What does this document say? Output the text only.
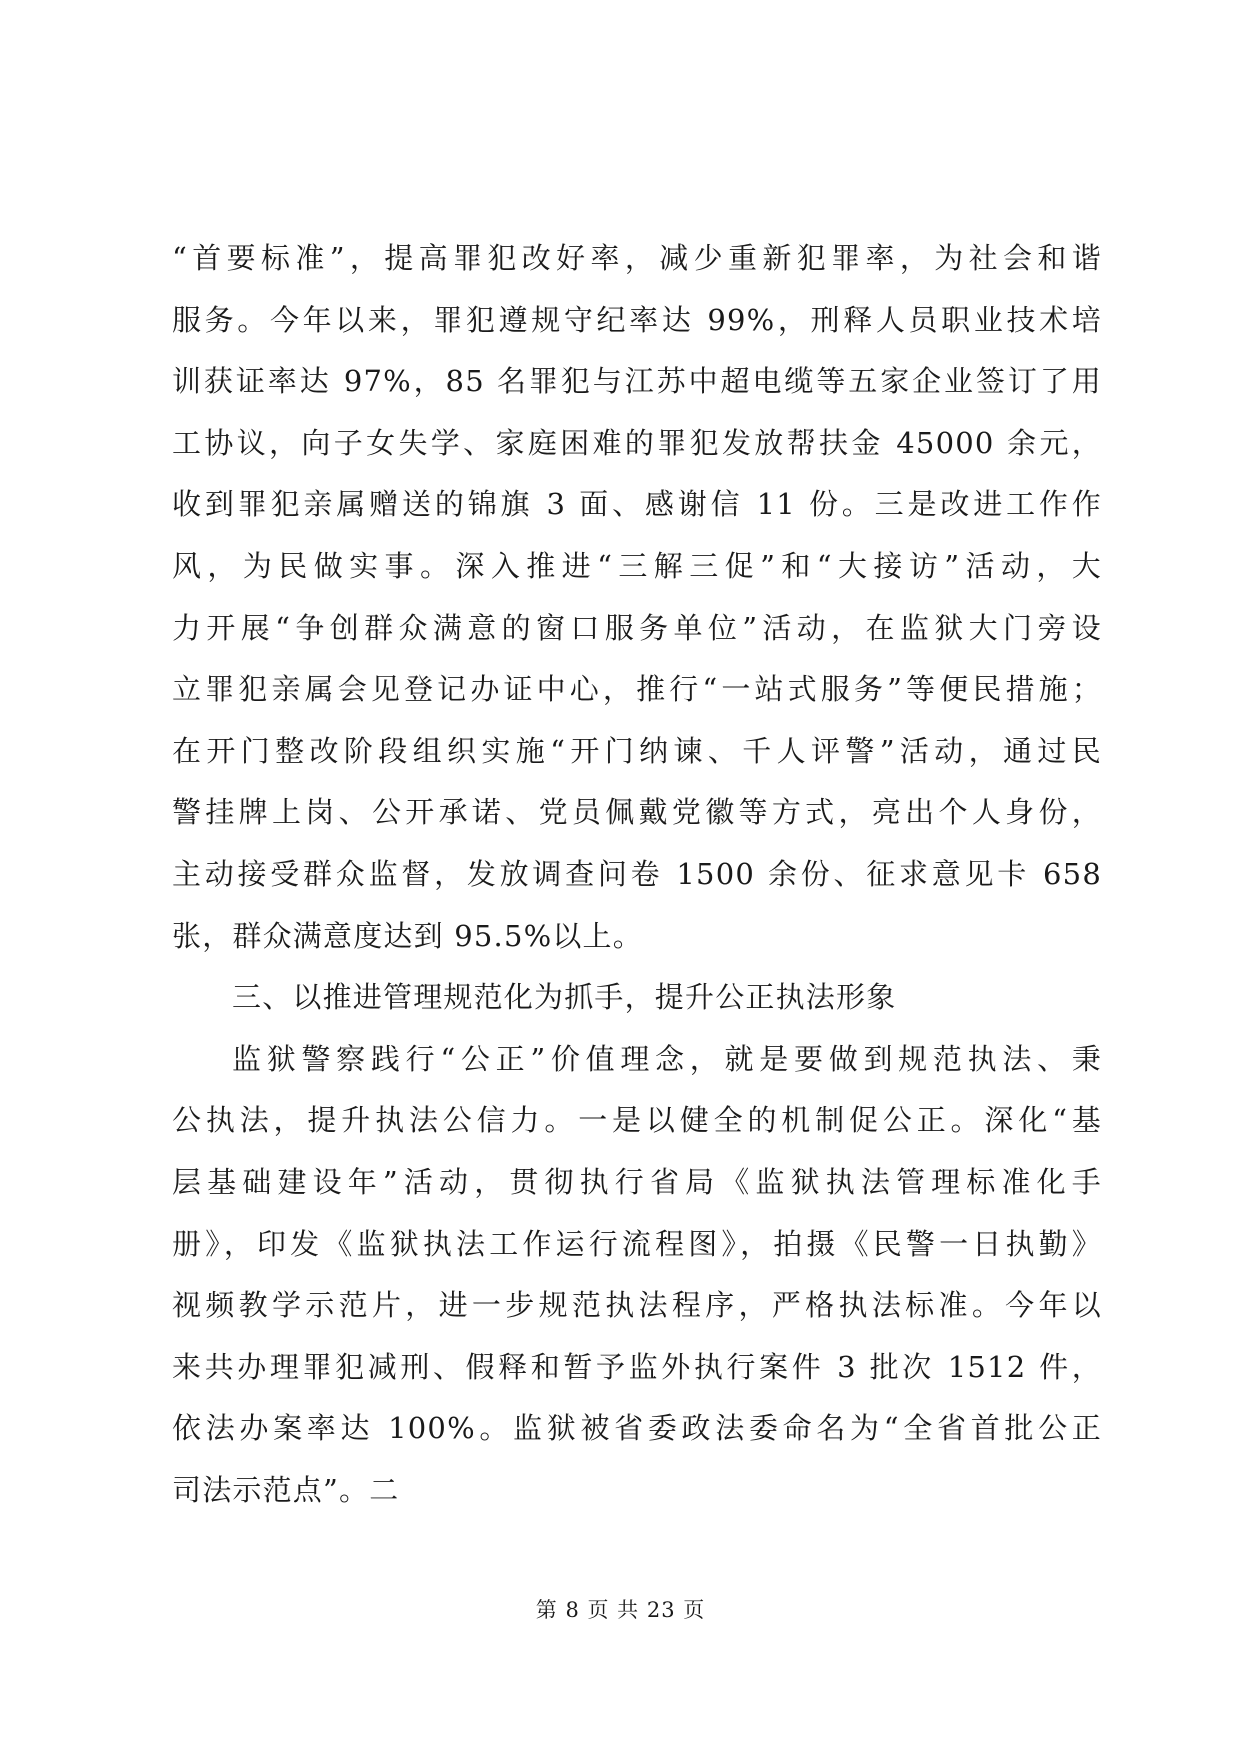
“首要标准”，提高罪犯改好率，减少重新犯罪率，为社会和谐
服务。今年以来，罪犯遵规守纪率达 99%，刑释人员职业技术培
训获证率达 97%，85 名罪犯与江苏中超电缆等五家企业签订了用
工协议，向子女失学、家庭困难的罪犯发放帮扶金 45000 余元，
收到罪犯亲属赠送的锦旗 3 面、感谢信 11 份。三是改进工作作
风，为民做实事。深入推进“三解三促”和“大接访”活动，大
力开展“争创群众满意的窗口服务单位”活动，在监狱大门旁设
立罪犯亲属会见登记办证中心，推行“一站式服务”等便民措施；
在开门整改阶段组织实施“开门纳谏、千人评警”活动，通过民
警挂牌上岗、公开承诺、党员佩戴党徽等方式，亮出个人身份，
主动接受群众监督，发放调查问卷 1500 余份、征求意见卡 658
张，群众满意度达到 95.5%以上。
三、以推进管理规范化为抓手，提升公正执法形象
监狱警察践行“公正”价值理念，就是要做到规范执法、秉
公执法，提升执法公信力。一是以健全的机制促公正。深化“基
层基础建设年”活动，贯彻执行省局《监狱执法管理标准化手
册》，印发《监狱执法工作运行流程图》，拍摄《民警一日执勤》
视频教学示范片，进一步规范执法程序，严格执法标准。今年以
来共办理罪犯减刑、假释和暂予监外执行案件 3 批次 1512 件，
依法办案率达 100%。监狱被省委政法委命名为“全省首批公正
司法示范点”。二
第 8 页 共 23 页
